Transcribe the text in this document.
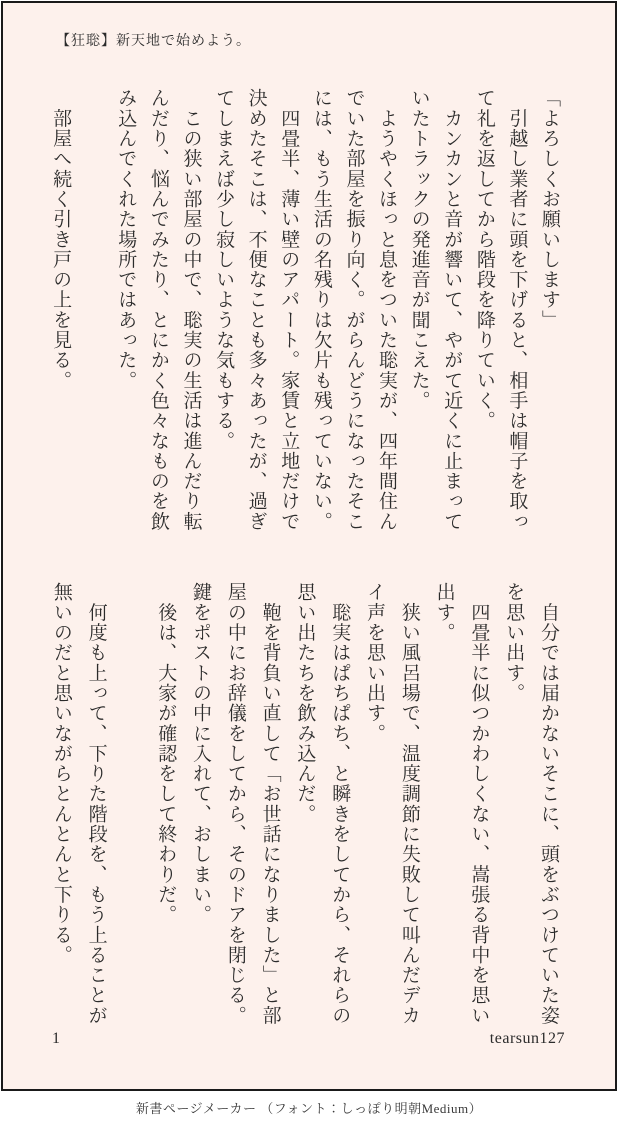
【狂聡】新天地で始めよう。
「よろしくお願いします」
　引越し業者に頭を下げると、相手は帽子を取っ
て礼を返してから階段を降りていく。
　カンカンと音が響いて、やがて近くに止まって
いたトラックの発進音が聞こえた。
　ようやくほっと息をついた聡実が、四年間住ん
でいた部屋を振り向く。がらんどうになったそこ
には、もう生活の名残りは欠片も残っていない。
　四畳半、薄い壁のアパート。家賃と立地だけで
決めたそこは、不便なことも多々あったが、過ぎ
てしまえば少し寂しいような気もする。
　この狭い部屋の中で、聡実の生活は進んだり転
んだり、悩んでみたり、とにかく色々なものを飲
み込んでくれた場所ではあった。

　部屋へ続く引き戸の上を見る。
　自分では届かないそこに、頭をぶつけていた姿
を思い出す。
　四畳半に似つかわしくない、嵩張る背中を思い
出す。
　狭い風呂場で、温度調節に失敗して叫んだデカ
イ声を思い出す。
　聡実はぱちぱち、と瞬きをしてから、それらの
思い出たちを飲み込んだ。
　鞄を背負い直して「お世話になりました」と部
屋の中にお辞儀をしてから、そのドアを閉じる。
鍵をポストの中に入れて、おしまい。
　後は、大家が確認をして終わりだ。

　何度も上って、下りた階段を、もう上ることが
無いのだと思いながらとんとんと下りる。
1	tearsun127
新書ページメーカー （フォント：しっぽり明朝Medium）
